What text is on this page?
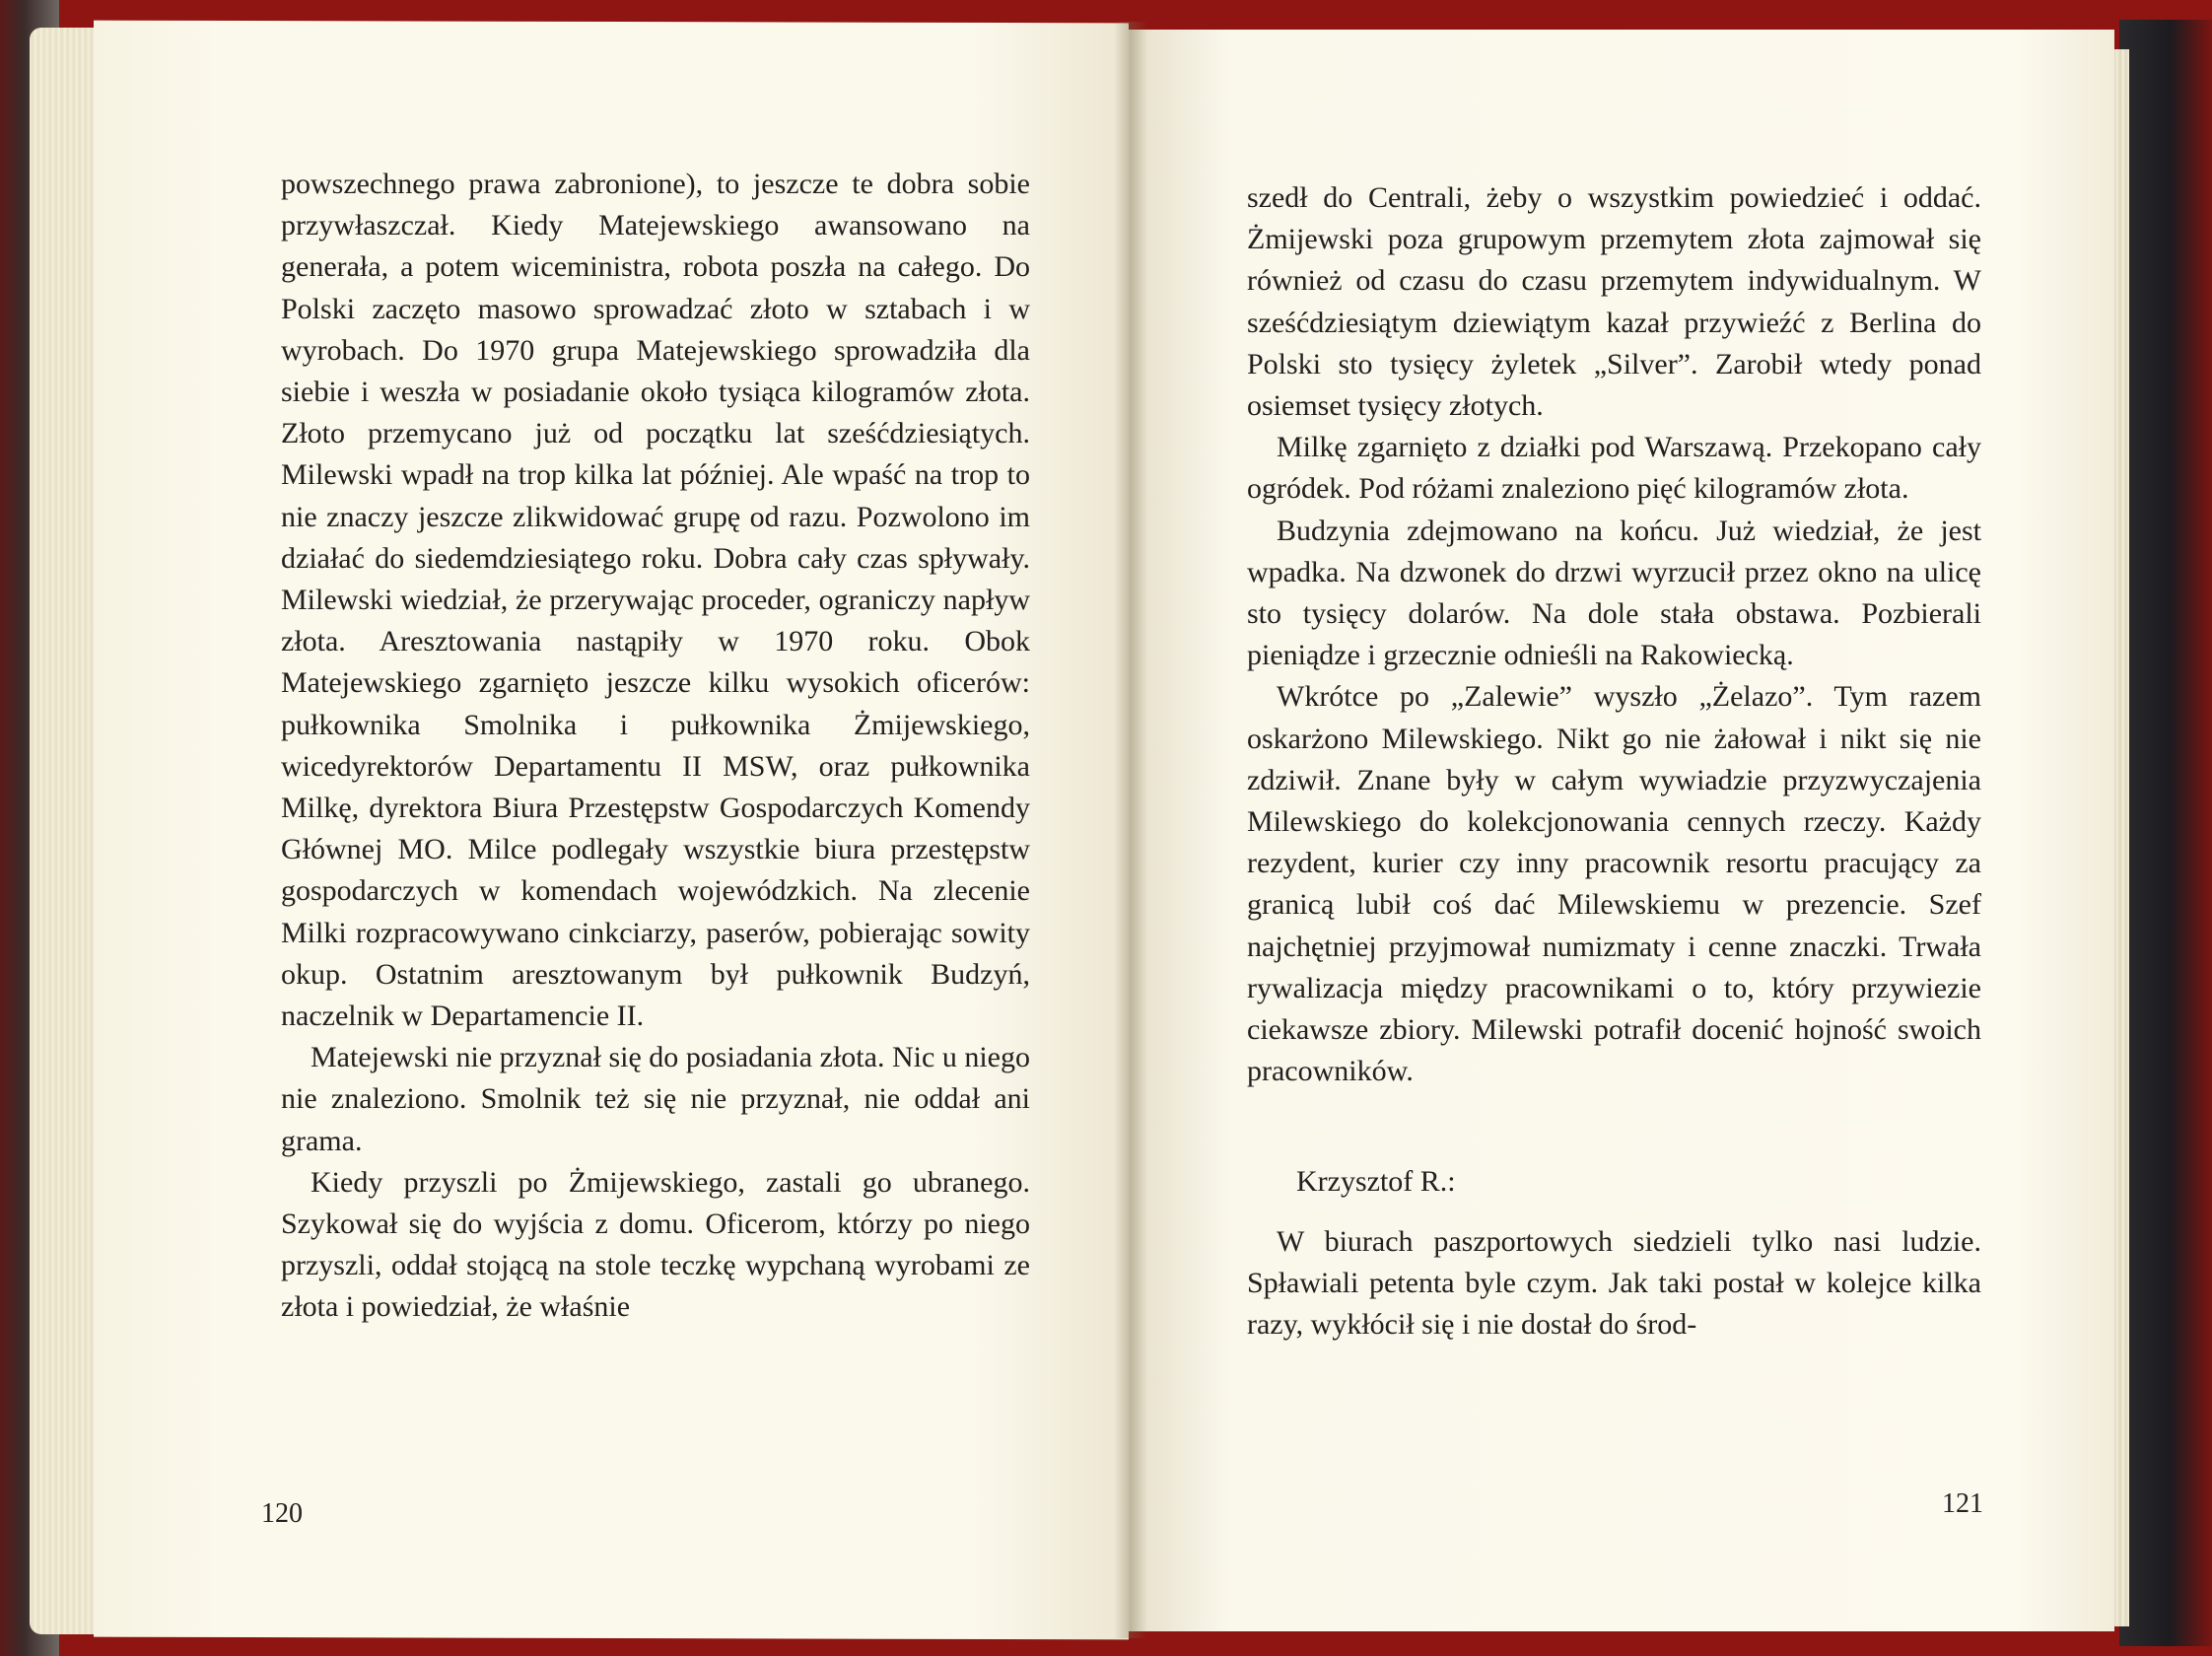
powszechnego prawa zabronione), to jeszcze te dobra sobie przywłaszczał. Kiedy Matejewskiego awansowano na generała, a potem wiceministra, robota poszła na całego. Do Polski zaczęto masowo sprowadzać złoto w sztabach i w wyrobach. Do 1970 grupa Matejewskiego sprowadziła dla siebie i weszła w posiadanie około tysiąca kilogramów złota. Złoto przemycano już od początku lat sześćdziesiątych. Milewski wpadł na trop kilka lat później. Ale wpaść na trop to nie znaczy jeszcze zlikwidować grupę od razu. Pozwolono im działać do siedemdziesiątego roku. Dobra cały czas spływały. Milewski wiedział, że przerywając proceder, ograniczy napływ złota. Aresztowania nastąpiły w 1970 roku. Obok Matejewskiego zgarnięto jeszcze kilku wysokich oficerów: pułkownika Smolnika i pułkownika Żmijewskiego, wicedyrektorów Departamentu II MSW, oraz pułkownika Milkę, dyrektora Biura Przestępstw Gospodarczych Komendy Głównej MO. Milce podlegały wszystkie biura przestępstw gospodarczych w komendach wojewódzkich. Na zlecenie Milki rozpracowywano cinkciarzy, paserów, pobierając sowity okup. Ostatnim aresztowanym był pułkownik Budzyń, naczelnik w Departamencie II.

Matejewski nie przyznał się do posiadania złota. Nic u niego nie znaleziono. Smolnik też się nie przyznał, nie oddał ani grama.

Kiedy przyszli po Żmijewskiego, zastali go ubranego. Szykował się do wyjścia z domu. Oficerom, którzy po niego przyszli, oddał stojącą na stole teczkę wypchaną wyrobami ze złota i powiedział, że właśnie

120

szedł do Centrali, żeby o wszystkim powiedzieć i oddać. Żmijewski poza grupowym przemytem złota zajmował się również od czasu do czasu przemytem indywidualnym. W sześćdziesiątym dziewiątym kazał przywieźć z Berlina do Polski sto tysięcy żyletek „Silver”. Zarobił wtedy ponad osiemset tysięcy złotych.

Milkę zgarnięto z działki pod Warszawą. Przekopano cały ogródek. Pod różami znaleziono pięć kilogramów złota.

Budzynia zdejmowano na końcu. Już wiedział, że jest wpadka. Na dzwonek do drzwi wyrzucił przez okno na ulicę sto tysięcy dolarów. Na dole stała obstawa. Pozbierali pieniądze i grzecznie odnieśli na Rakowiecką.

Wkrótce po „Zalewie” wyszło „Żelazo”. Tym razem oskarżono Milewskiego. Nikt go nie żałował i nikt się nie zdziwił. Znane były w całym wywiadzie przyzwyczajenia Milewskiego do kolekcjonowania cennych rzeczy. Każdy rezydent, kurier czy inny pracownik resortu pracujący za granicą lubił coś dać Milewskiemu w prezencie. Szef najchętniej przyjmował numizmaty i cenne znaczki. Trwała rywalizacja między pracownikami o to, który przywiezie ciekawsze zbiory. Milewski potrafił docenić hojność swoich pracowników.

Krzysztof R.:

W biurach paszportowych siedzieli tylko nasi ludzie. Spławiali petenta byle czym. Jak taki postał w kolejce kilka razy, wykłócił się i nie dostał do środ-

121
